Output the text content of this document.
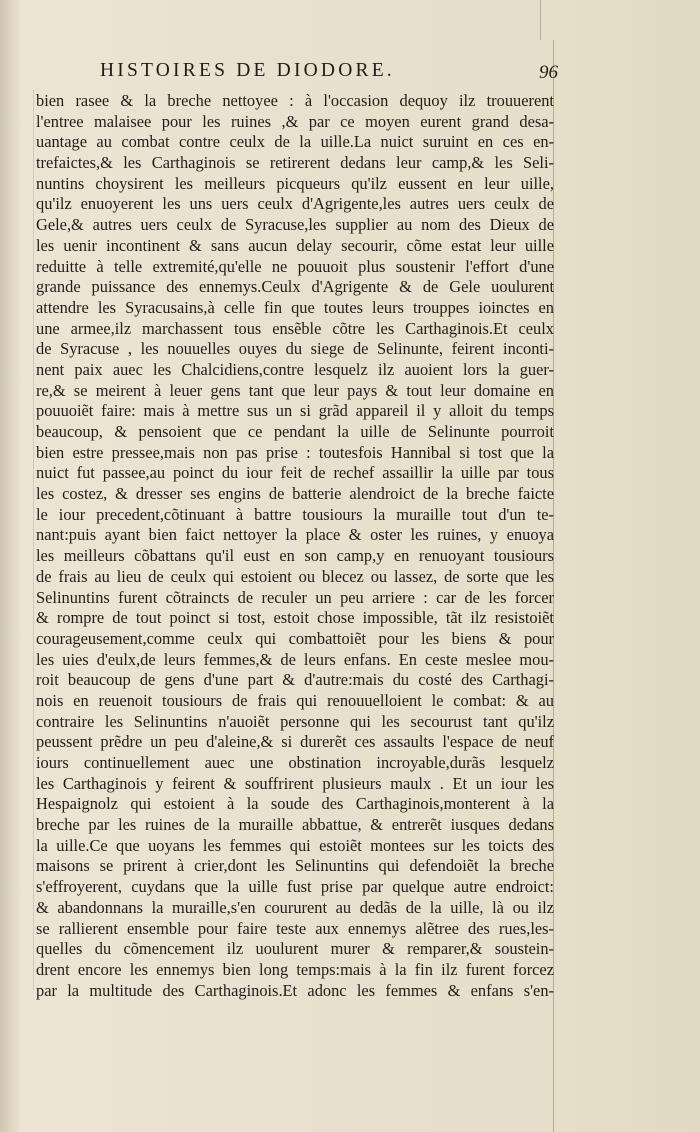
HISTOIRES DE DIODORE.	96
bien rasee & la breche nettoyee : à l'occasion dequoy ilz trouuerent
l'entree malaisee pour les ruines ,& par ce moyen eurent grand desa-
uantage au combat contre ceulx de la uille.La nuict suruint en ces en-
trefaictes,& les Carthaginois se retirerent dedans leur camp,& les Seli-
nuntins choysirent les meilleurs picqueurs qu'ilz eussent en leur uille,
qu'ilz enuoyerent les uns uers ceulx d'Agrigente,les autres uers ceulx de
Gele,& autres uers ceulx de Syracuse,les supplier au nom des Dieux de
les uenir incontinent & sans aucun delay secourir, cõme estat leur uille
reduitte à telle extremité,qu'elle ne pouuoit plus soustenir l'effort d'une
grande puissance des ennemys.Ceulx d'Agrigente & de Gele uoulurent
attendre les Syracusains,à celle fin que toutes leurs trouppes ioinctes en
une armee,ilz marchassent tous ensẽble cõtre les Carthaginois.Et ceulx
de Syracuse , les nouuelles ouyes du siege de Selinunte, feirent inconti-
nent paix auec les Chalcidiens,contre lesquelz ilz auoient lors la guer-
re,& se meirent à leuer gens tant que leur pays & tout leur domaine en
pouuoiẽt faire: mais à mettre sus un si grãd appareil il y alloit du temps
beaucoup, & pensoient que ce pendant la uille de Selinunte pourroit
bien estre pressee,mais non pas prise : toutesfois Hannibal si tost que la
nuict fut passee,au poinct du iour feit de rechef assaillir la uille par tous
les costez, & dresser ses engins de batterie alendroict de la breche faicte
le iour precedent,cõtinuant à battre tousiours la muraille tout d'un te-
nant:puis ayant bien faict nettoyer la place & oster les ruines, y enuoya
les meilleurs cõbattans qu'il eust en son camp,y en renuoyant tousiours
de frais au lieu de ceulx qui estoient ou blecez ou lassez, de sorte que les
Selinuntins furent cõtraincts de reculer un peu arriere : car de les forcer
& rompre de tout poinct si tost, estoit chose impossible, tãt ilz resistoiẽt
courageusement,comme ceulx qui combattoiẽt pour les biens & pour
les uies d'eulx,de leurs femmes,& de leurs enfans. En ceste meslee mou-
roit beaucoup de gens d'une part & d'autre:mais du costé des Carthagi-
nois en reuenoit tousiours de frais qui renouuelloient le combat: & au
contraire les Selinuntins n'auoiẽt personne qui les secourust tant qu'ilz
peussent prẽdre un peu d'aleine,& si durerẽt ces assaults l'espace de neuf
iours continuellement auec une obstination incroyable,durãs lesquelz
les Carthaginois y feirent & souffrirent plusieurs maulx . Et un iour les
Hespaignolz qui estoient à la soude des Carthaginois,monterent à la
breche par les ruines de la muraille abbattue, & entrerẽt iusques dedans
la uille.Ce que uoyans les femmes qui estoiẽt montees sur les toicts des
maisons se prirent à crier,dont les Selinuntins qui defendoiẽt la breche
s'effroyerent, cuydans que la uille fust prise par quelque autre endroict:
& abandonnans la muraille,s'en coururent au dedãs de la uille, là ou ilz
se rallierent ensemble pour faire teste aux ennemys alẽtree des rues,les-
quelles du cõmencement ilz uoulurent murer & remparer,& soustein-
drent encore les ennemys bien long temps:mais à la fin ilz furent forcez
par la multitude des Carthaginois.Et adonc les femmes & enfans s'en-
